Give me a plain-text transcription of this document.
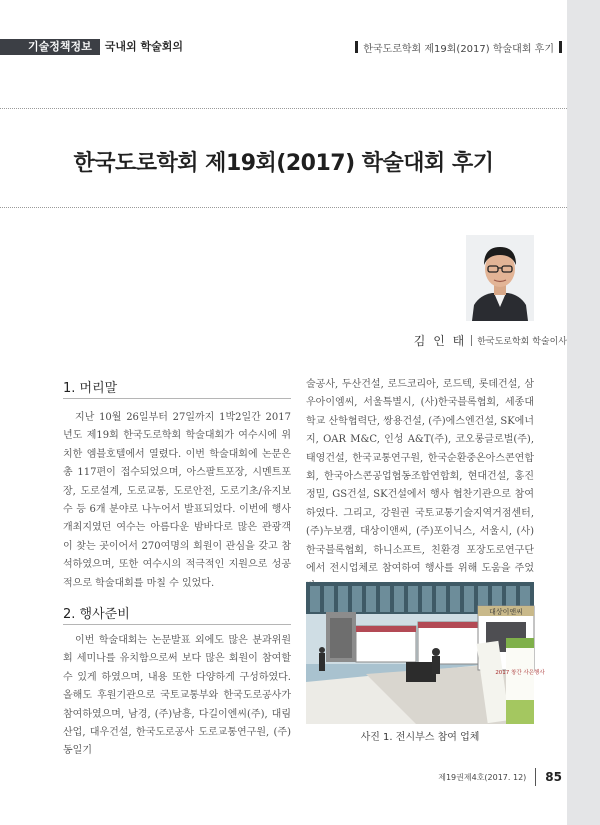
기술정책정보	국내외 학술회의	한국도로학회 제19회(2017) 학술대회 후기
한국도로학회 제19회(2017) 학술대회 후기
김 인 태 한국도로학회 학술이사
1. 머리말

지난 10월 26일부터 27일까지 1박2일간 2017년도 제19회 한국도로학회 학술대회가 여수시에 위치한 엠블호텔에서 열렸다. 이번 학술대회에 논문은 총 117편이 접수되었으며, 아스팔트포장, 시멘트포장, 도로설계, 도로교통, 도로안전, 도로기초/유지보수 등 6개 분야로 나누어서 발표되었다. 이번에 행사개최지였던 여수는 아름다운 밤바다로 많은 관광객이 찾는 곳이어서 270여명의 회원이 관심을 갖고 참석하였으며, 또한 여수시의 적극적인 지원으로 성공적으로 학술대회를 마칠 수 있었다.

2. 행사준비

이번 학술대회는 논문발표 외에도 많은 분과위원회 세미나를 유치함으로써 보다 많은 회원이 참여할 수 있게 하였으며, 내용 또한 다양하게 구성하였다. 올해도 후원기관으로 국토교통부와 한국도로공사가 참여하였으며, 남경, (주)남흥, 다길이엔씨(주), 대림산업, 대우건설, 한국도로공사 도로교통연구원, (주)동일기

술공사, 두산건설, 로드코리아, 로드텍, 롯데건설, 삼우아이엠씨, 서울특별시, (사)한국블록협회, 세종대학교 산학협력단, 쌍용건설, (주)에스엔건설, SK에너지, OAR M&C, 인성 A&T(주), 코오롱글로벌(주), 태영건설, 한국교통연구원, 한국순환중온아스콘연합회, 한국아스콘공업협동조합연합회, 현대건설, 홍진정밀, GS건설, SK건설에서 행사 협찬기관으로 참여하였다. 그리고, 강원권 국토교통기술지역거점센터, (주)누보캠, 대상이앤씨, (주)포이닉스, 서울시, (사)한국블록협회, 하니소프트, 친환경 포장도로연구단에서 전시업체로 참여하여 행사를 위해 도움을 주었

대상이앤씨
2017 창간 사은행사
사진 1. 전시부스 참여 업체
제19권제4호(2017. 12) 85
